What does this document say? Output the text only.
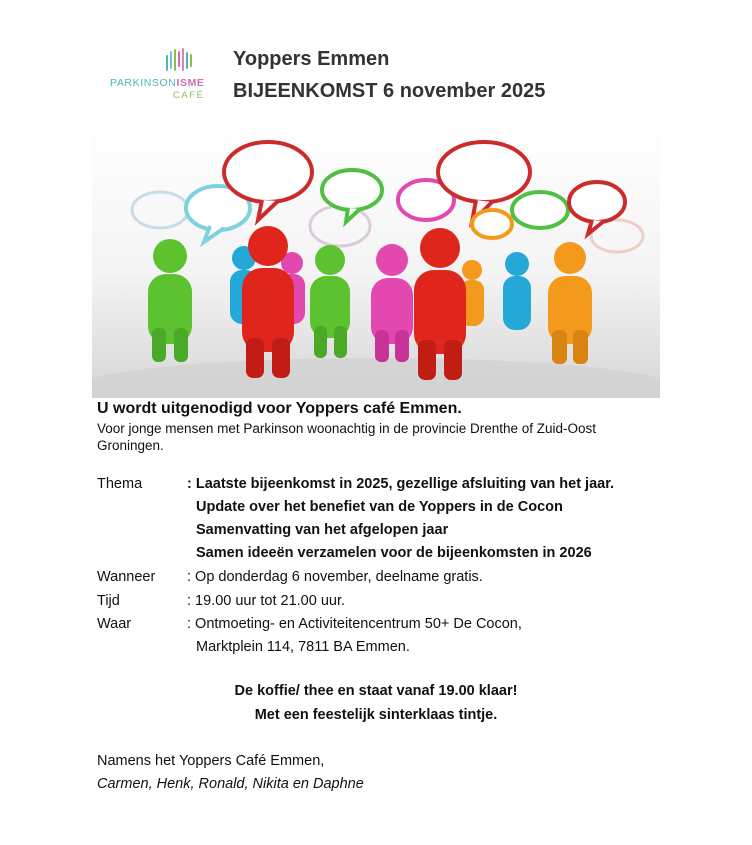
PARKINSONISME
CAFÉ
Yoppers Emmen
BIJEENKOMST 6 november 2025
U wordt uitgenodigd voor Yoppers café Emmen.
Voor jonge mensen met Parkinson woonachtig in de provincie Drenthe of Zuid-Oost
Groningen.
Thema	: Laatste bijeenkomst in 2025, gezellige afsluiting van het jaar.
Update over het benefiet van de Yoppers in de Cocon
Samenvatting van het afgelopen jaar
Samen ideeën verzamelen voor de bijeenkomsten in 2026
Wanneer : Op donderdag 6 november, deelname gratis.
Tijd	: 19.00 uur tot 21.00 uur.
Waar	: Ontmoeting- en Activiteitencentrum 50+ De Cocon,
Marktplein 114, 7811 BA Emmen.
De koffie/ thee en staat vanaf 19.00 klaar!
Met een feestelijk sinterklaas tintje.
Namens het Yoppers Café Emmen,
Carmen, Henk, Ronald, Nikita en Daphne
